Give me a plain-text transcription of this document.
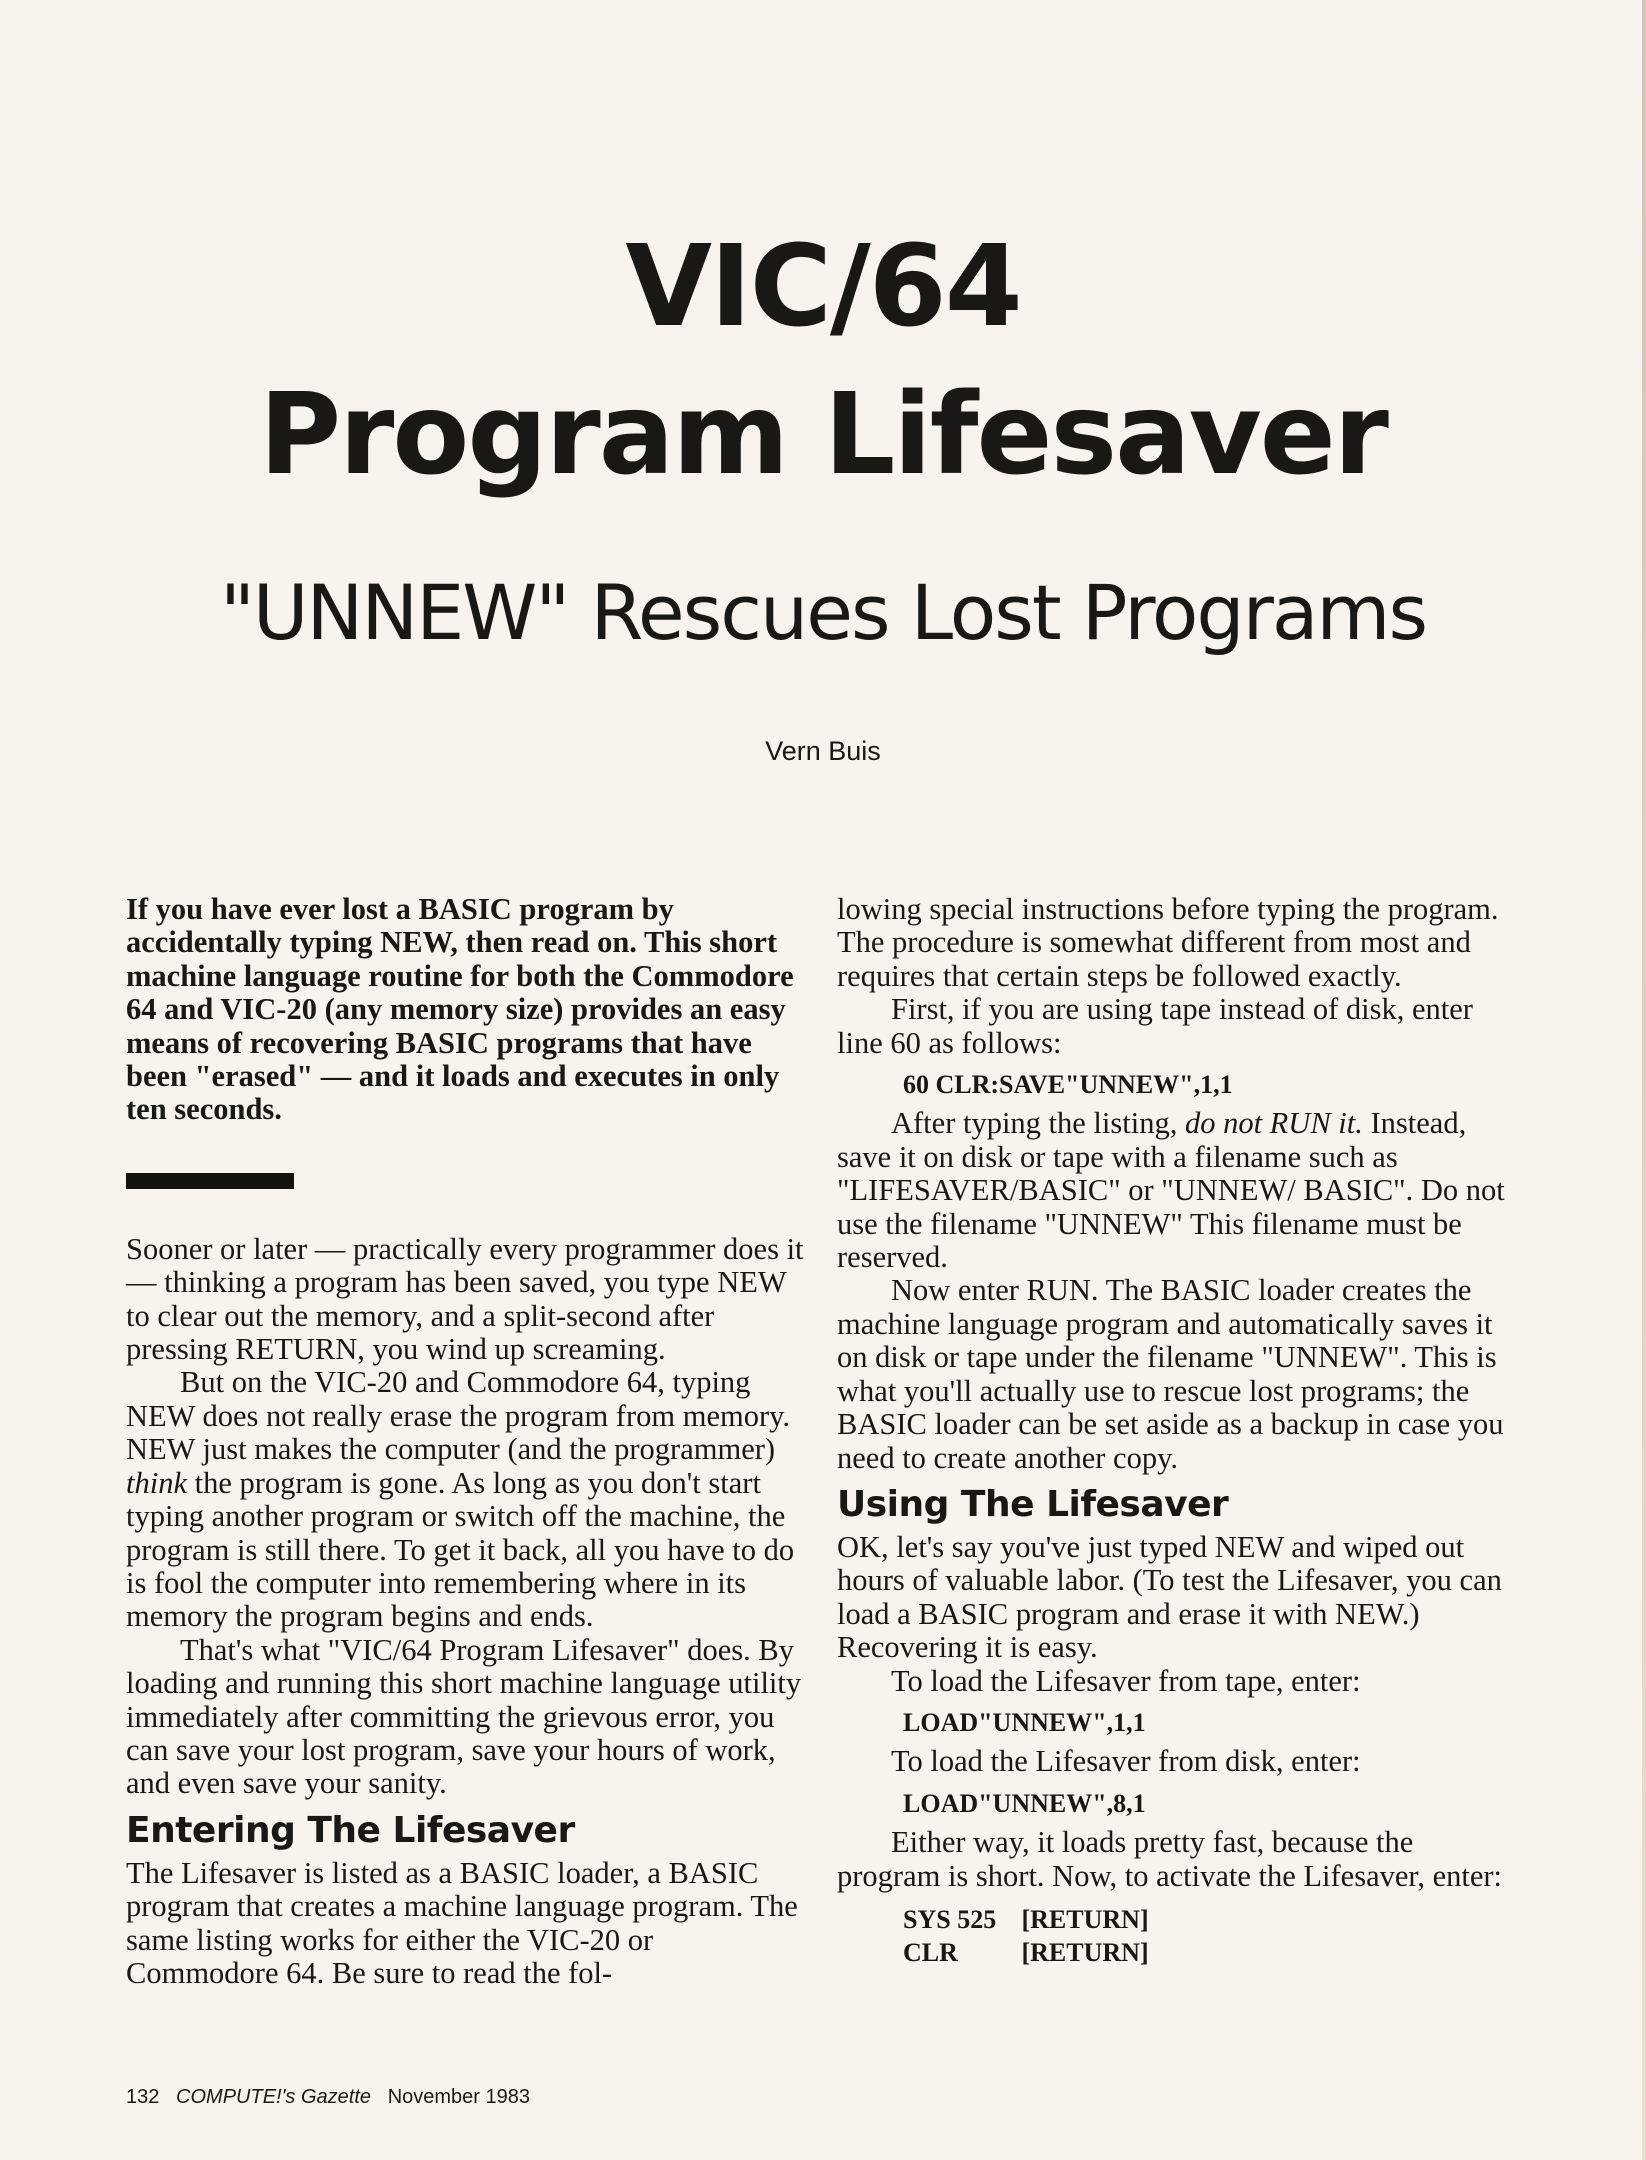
VIC/64
Program Lifesaver
"UNNEW" Rescues Lost Programs
Vern Buis

If you have ever lost a BASIC program by accidentally typing NEW, then read on. This short machine language routine for both the Commodore 64 and VIC-20 (any memory size) provides an easy means of recovering BASIC programs that have been "erased" — and it loads and executes in only ten seconds.

Sooner or later — practically every programmer does it — thinking a program has been saved, you type NEW to clear out the memory, and a split-second after pressing RETURN, you wind up screaming.

But on the VIC-20 and Commodore 64, typing NEW does not really erase the program from memory. NEW just makes the computer (and the programmer) think the program is gone. As long as you don't start typing another program or switch off the machine, the program is still there. To get it back, all you have to do is fool the computer into remembering where in its memory the program begins and ends.

That's what "VIC/64 Program Lifesaver" does. By loading and running this short machine language utility immediately after committing the grievous error, you can save your lost program, save your hours of work, and even save your sanity.

Entering The Lifesaver

The Lifesaver is listed as a BASIC loader, a BASIC program that creates a machine language program. The same listing works for either the VIC-20 or Commodore 64. Be sure to read the fol-

lowing special instructions before typing the program. The procedure is somewhat different from most and requires that certain steps be followed exactly.

First, if you are using tape instead of disk, enter line 60 as follows:

60 CLR:SAVE"UNNEW",1,1

After typing the listing, do not RUN it. Instead, save it on disk or tape with a filename such as "LIFESAVER/BASIC" or "UNNEW/ BASIC". Do not use the filename "UNNEW" This filename must be reserved.

Now enter RUN. The BASIC loader creates the machine language program and automatically saves it on disk or tape under the filename "UNNEW". This is what you'll actually use to rescue lost programs; the BASIC loader can be set aside as a backup in case you need to create another copy.

Using The Lifesaver

OK, let's say you've just typed NEW and wiped out hours of valuable labor. (To test the Lifesaver, you can load a BASIC program and erase it with NEW.) Recovering it is easy.

To load the Lifesaver from tape, enter:

LOAD"UNNEW",1,1

To load the Lifesaver from disk, enter:

LOAD"UNNEW",8,1

Either way, it loads pretty fast, because the program is short. Now, to activate the Lifesaver, enter:

SYS 525 [RETURN]
CLR [RETURN]
132 COMPUTE!'s Gazette November 1983
